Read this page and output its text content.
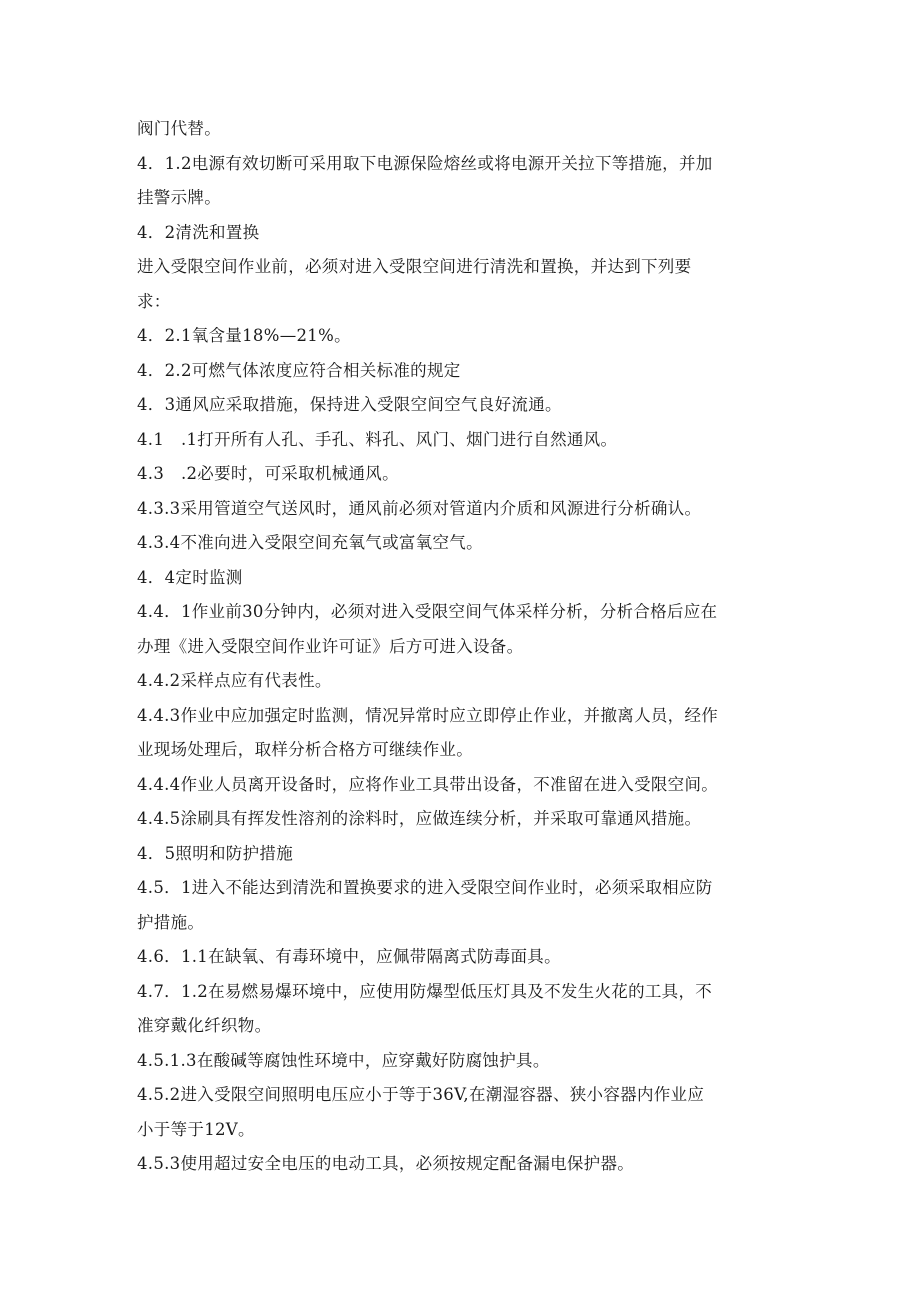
阀门代替。
4．1.2电源有效切断可采用取下电源保险熔丝或将电源开关拉下等措施，并加
挂警示牌。
4．2清洗和置换
进入受限空间作业前，必须对进入受限空间进行清洗和置换，并达到下列要
求：
4．2.1氧含量18%—21%。
4．2.2可燃气体浓度应符合相关标准的规定
4．3通风应采取措施，保持进入受限空间空气良好流通。
4.1　.1打开所有人孔、手孔、料孔、风门、烟门进行自然通风。
4.3　.2必要时，可采取机械通风。
4.3.3采用管道空气送风时，通风前必须对管道内介质和风源进行分析确认。
4.3.4不准向进入受限空间充氧气或富氧空气。
4．4定时监测
4.4．1作业前30分钟内，必须对进入受限空间气体采样分析，分析合格后应在
办理《进入受限空间作业许可证》后方可进入设备。
4.4.2采样点应有代表性。
4.4.3作业中应加强定时监测，情况异常时应立即停止作业，并撤离人员，经作
业现场处理后，取样分析合格方可继续作业。
4.4.4作业人员离开设备时，应将作业工具带出设备，不准留在进入受限空间。
4.4.5涂刷具有挥发性溶剂的涂料时，应做连续分析，并采取可靠通风措施。
4．5照明和防护措施
4.5．1进入不能达到清洗和置换要求的进入受限空间作业时，必须采取相应防
护措施。
4.6．1.1在缺氧、有毒环境中，应佩带隔离式防毒面具。
4.7．1.2在易燃易爆环境中，应使用防爆型低压灯具及不发生火花的工具，不
准穿戴化纤织物。
4.5.1.3在酸碱等腐蚀性环境中，应穿戴好防腐蚀护具。
4.5.2进入受限空间照明电压应小于等于36V,在潮湿容器、狭小容器内作业应
小于等于12V。
4.5.3使用超过安全电压的电动工具，必须按规定配备漏电保护器。
